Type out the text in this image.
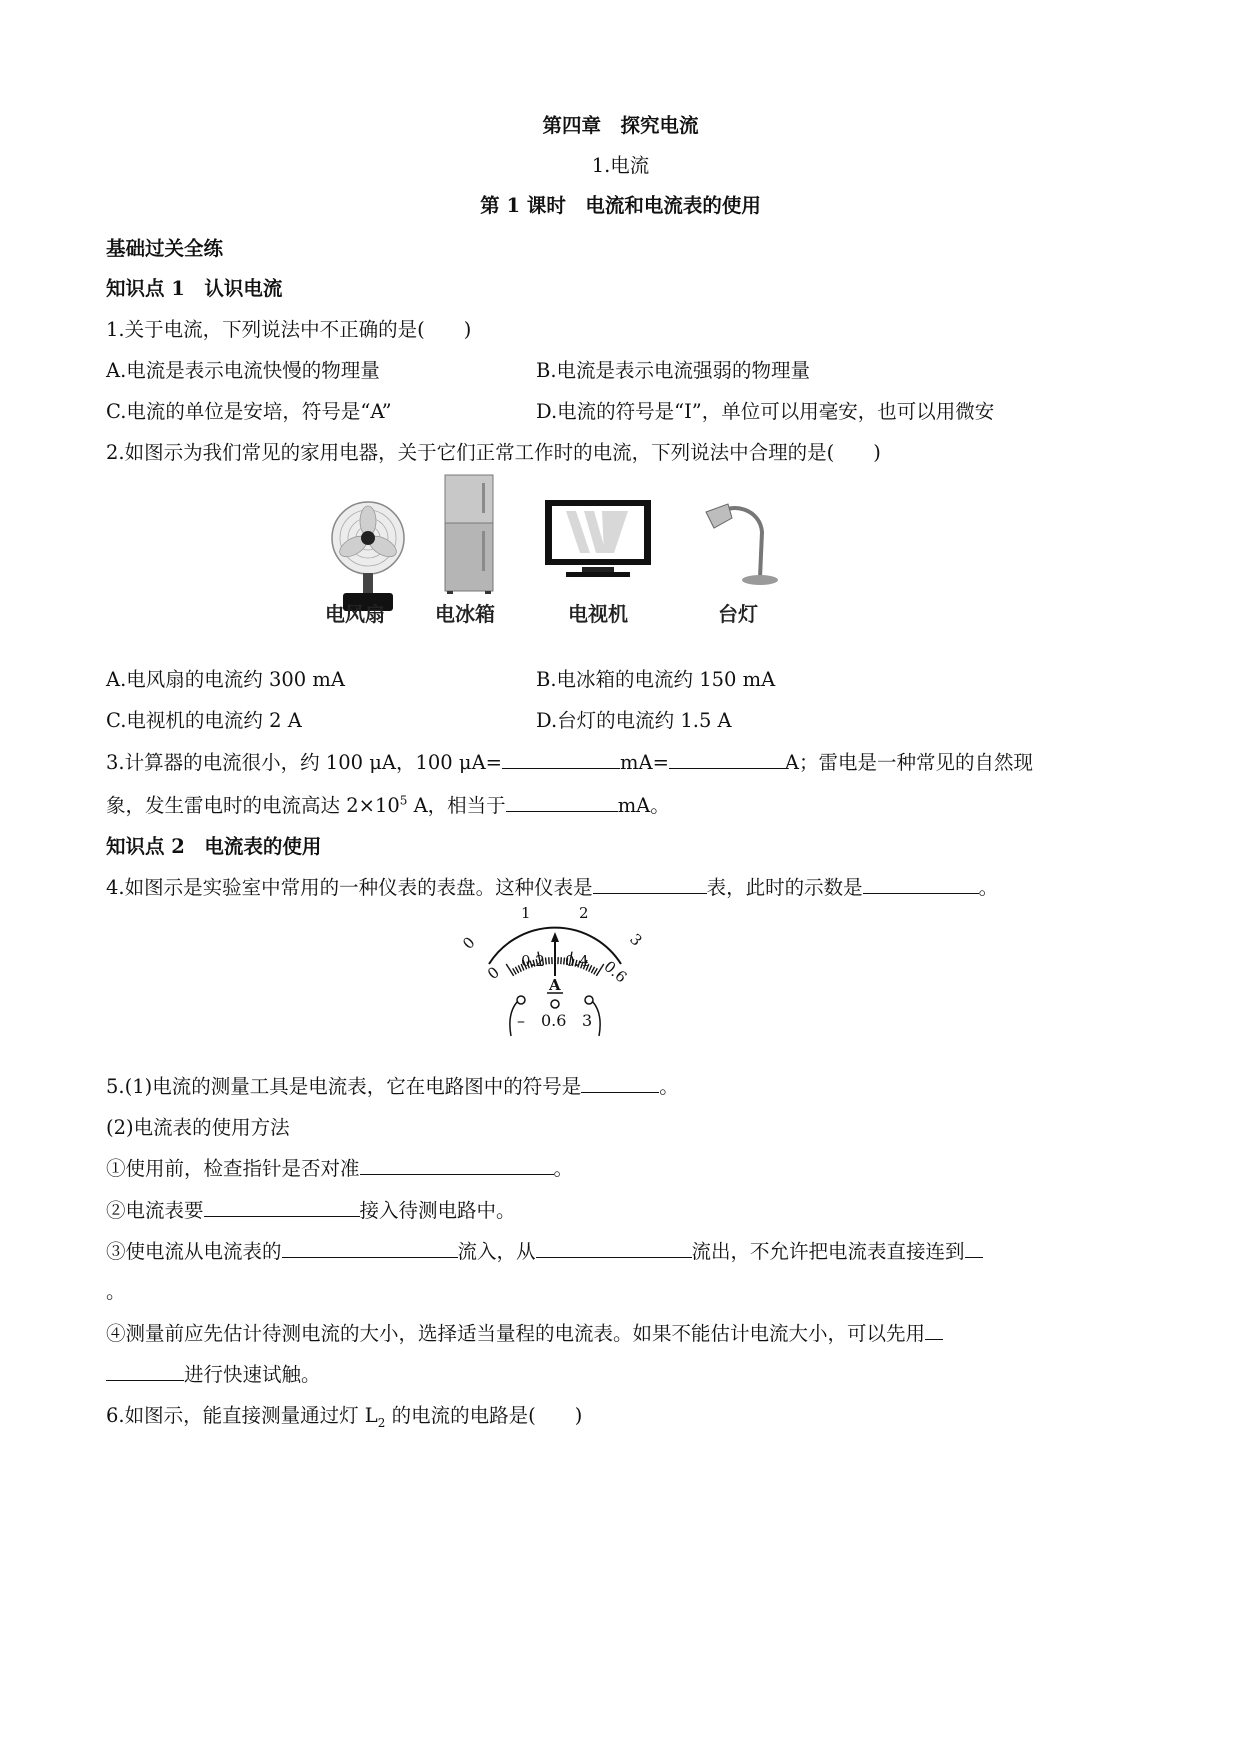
第四章　探究电流
1.电流
第 1 课时　电流和电流表的使用
基础过关全练
知识点 1　认识电流
1.关于电流，下列说法中不正确的是(　　)
A.电流是表示电流快慢的物理量	B.电流是表示电流强弱的物理量
C.电流的单位是安培，符号是“A”	D.电流的符号是“I”，单位可以用毫安，也可以用微安
2.如图示为我们常见的家用电器，关于它们正常工作时的电流，下列说法中合理的是(　　)
电风扇	电冰箱	电视机	台灯
A.电风扇的电流约 300 mA	B.电冰箱的电流约 150 mA
C.电视机的电流约 2 A	D.台灯的电流约 1.5 A
3.计算器的电流很小，约 100 μA，100 μA=	mA=	A；雷电是一种常见的自然现
象，发生雷电时的电流高达 $2\times 10^5$ A，相当于	mA。
知识点 2　电流表的使用
4.如图示是实验室中常用的一种仪表的表盘。这种仪表是	表，此时的示数是	。
0
1	2
3
0
0.2 0.4 0.6
A
– 0.6 3
5.(1)电流的测量工具是电流表，它在电路图中的符号是	。
(2)电流表的使用方法
①使用前，检查指针是否对准	。
②电流表要	接入待测电路中。
③使电流从电流表的	流入，从	流出，不允许把电流表直接连到
。
④测量前应先估计待测电流的大小，选择适当量程的电流表。如果不能估计电流大小，可以先用
进行快速试触。
6.如图示，能直接测量通过灯 $L_2$ 的电流的电路是(　　)
